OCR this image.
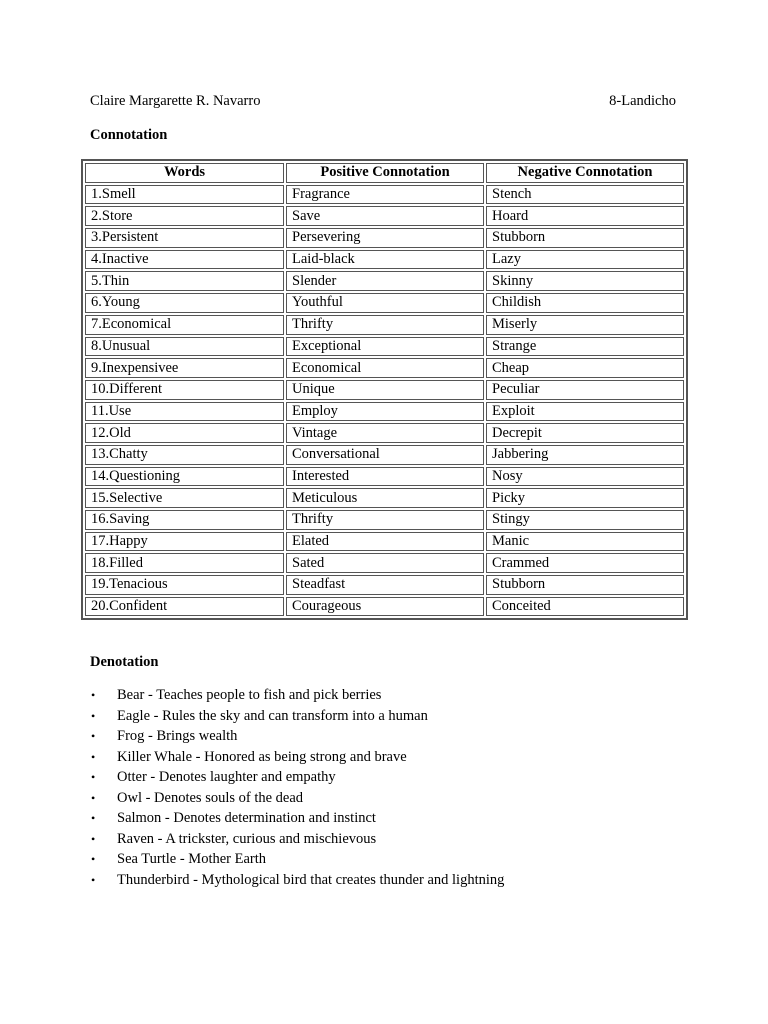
Claire Margarette R. Navarro	8-Landicho
Connotation
Words	Positive Connotation	Negative Connotation
1.Smell	Fragrance	Stench
2.Store	Save	Hoard
3.Persistent	Persevering	Stubborn
4.Inactive	Laid-black	Lazy
5.Thin	Slender	Skinny
6.Young	Youthful	Childish
7.Economical	Thrifty	Miserly
8.Unusual	Exceptional	Strange
9.Inexpensivee	Economical	Cheap
10.Different	Unique	Peculiar
11.Use	Employ	Exploit
12.Old	Vintage	Decrepit
13.Chatty	Conversational	Jabbering
14.Questioning	Interested	Nosy
15.Selective	Meticulous	Picky
16.Saving	Thrifty	Stingy
17.Happy	Elated	Manic
18.Filled	Sated	Crammed
19.Tenacious	Steadfast	Stubborn
20.Confident	Courageous	Conceited
Denotation
• Bear - Teaches people to fish and pick berries
• Eagle - Rules the sky and can transform into a human
• Frog - Brings wealth
• Killer Whale - Honored as being strong and brave
• Otter - Denotes laughter and empathy
• Owl - Denotes souls of the dead
• Salmon - Denotes determination and instinct
• Raven - A trickster, curious and mischievous
• Sea Turtle - Mother Earth
• Thunderbird - Mythological bird that creates thunder and lightning
